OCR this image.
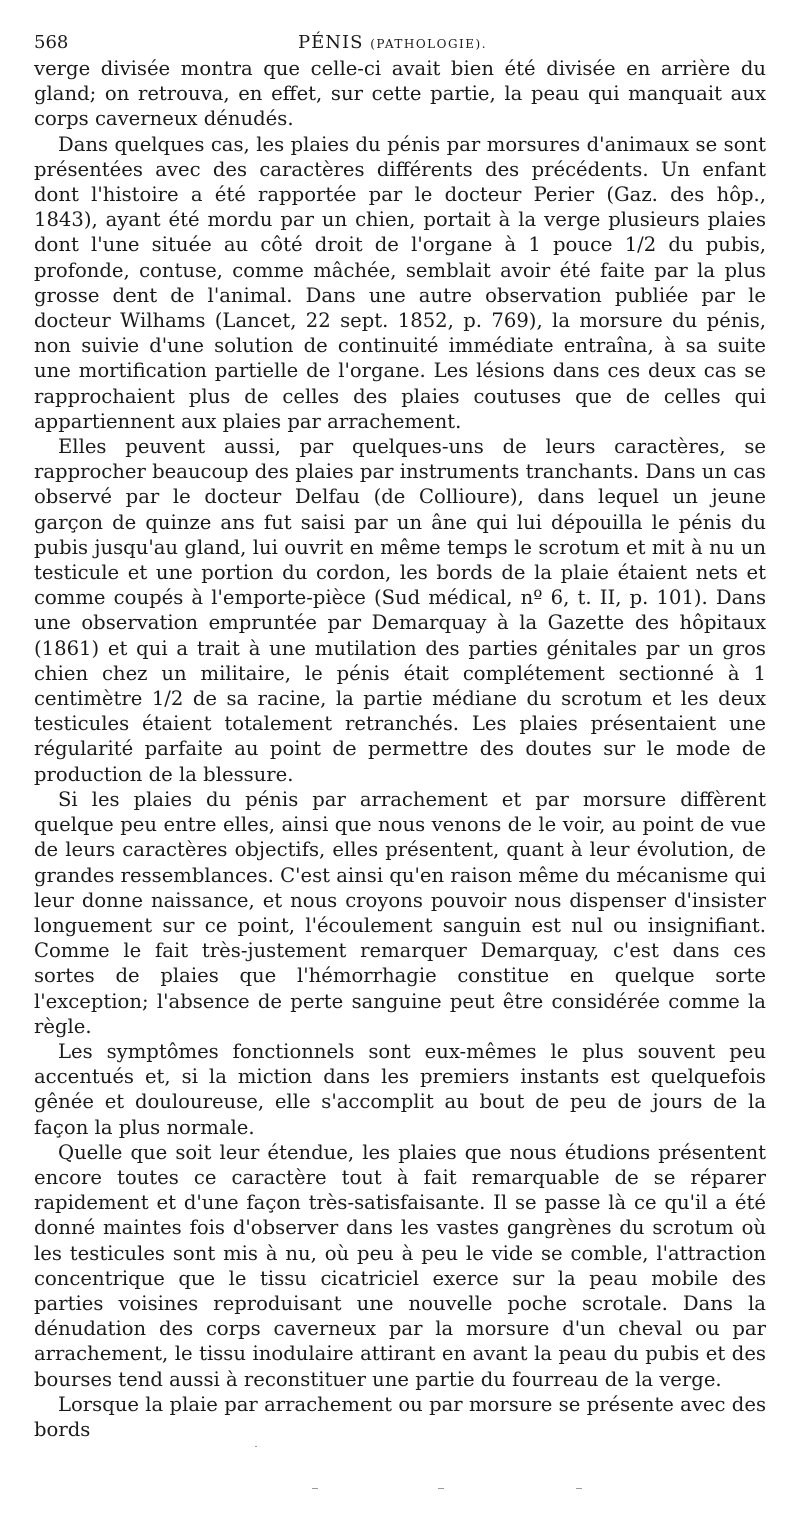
568	PÉNIS (PATHOLOGIE).

verge divisée montra que celle-ci avait bien été divisée en arrière du gland; on retrouva, en effet, sur cette partie, la peau qui manquait aux corps caverneux dénudés.

Dans quelques cas, les plaies du pénis par morsures d'animaux se sont présentées avec des caractères différents des précédents. Un enfant dont l'histoire a été rapportée par le docteur Perier (Gaz. des hôp., 1843), ayant été mordu par un chien, portait à la verge plusieurs plaies dont l'une située au côté droit de l'organe à 1 pouce 1/2 du pubis, profonde, contuse, comme mâchée, semblait avoir été faite par la plus grosse dent de l'animal. Dans une autre observation publiée par le docteur Wilhams (Lancet, 22 sept. 1852, p. 769), la morsure du pénis, non suivie d'une solution de continuité immédiate entraîna, à sa suite une mortification partielle de l'organe. Les lésions dans ces deux cas se rapprochaient plus de celles des plaies coutuses que de celles qui appartiennent aux plaies par arrachement.

Elles peuvent aussi, par quelques-uns de leurs caractères, se rapprocher beaucoup des plaies par instruments tranchants. Dans un cas observé par le docteur Delfau (de Collioure), dans lequel un jeune garçon de quinze ans fut saisi par un âne qui lui dépouilla le pénis du pubis jusqu'au gland, lui ouvrit en même temps le scrotum et mit à nu un testicule et une portion du cordon, les bords de la plaie étaient nets et comme coupés à l'emporte-pièce (Sud médical, nº 6, t. II, p. 101). Dans une observation empruntée par Demarquay à la Gazette des hôpitaux (1861) et qui a trait à une mutilation des parties génitales par un gros chien chez un militaire, le pénis était complétement sectionné à 1 centimètre 1/2 de sa racine, la partie médiane du scrotum et les deux testicules étaient totalement retranchés. Les plaies présentaient une régularité parfaite au point de permettre des doutes sur le mode de production de la blessure.

Si les plaies du pénis par arrachement et par morsure diffèrent quelque peu entre elles, ainsi que nous venons de le voir, au point de vue de leurs caractères objectifs, elles présentent, quant à leur évolution, de grandes ressemblances. C'est ainsi qu'en raison même du mécanisme qui leur donne naissance, et nous croyons pouvoir nous dispenser d'insister longuement sur ce point, l'écoulement sanguin est nul ou insignifiant. Comme le fait très-justement remarquer Demarquay, c'est dans ces sortes de plaies que l'hémorrhagie constitue en quelque sorte l'exception; l'absence de perte sanguine peut être considérée comme la règle.

Les symptômes fonctionnels sont eux-mêmes le plus souvent peu accentués et, si la miction dans les premiers instants est quelquefois gênée et douloureuse, elle s'accomplit au bout de peu de jours de la façon la plus normale.

Quelle que soit leur étendue, les plaies que nous étudions présentent encore toutes ce caractère tout à fait remarquable de se réparer rapidement et d'une façon très-satisfaisante. Il se passe là ce qu'il a été donné maintes fois d'observer dans les vastes gangrènes du scrotum où les testicules sont mis à nu, où peu à peu le vide se comble, l'attraction concentrique que le tissu cicatriciel exerce sur la peau mobile des parties voisines reproduisant une nouvelle poche scrotale. Dans la dénudation des corps caverneux par la morsure d'un cheval ou par arrachement, le tissu inodulaire attirant en avant la peau du pubis et des bourses tend aussi à reconstituer une partie du fourreau de la verge.

Lorsque la plaie par arrachement ou par morsure se présente avec des bords
